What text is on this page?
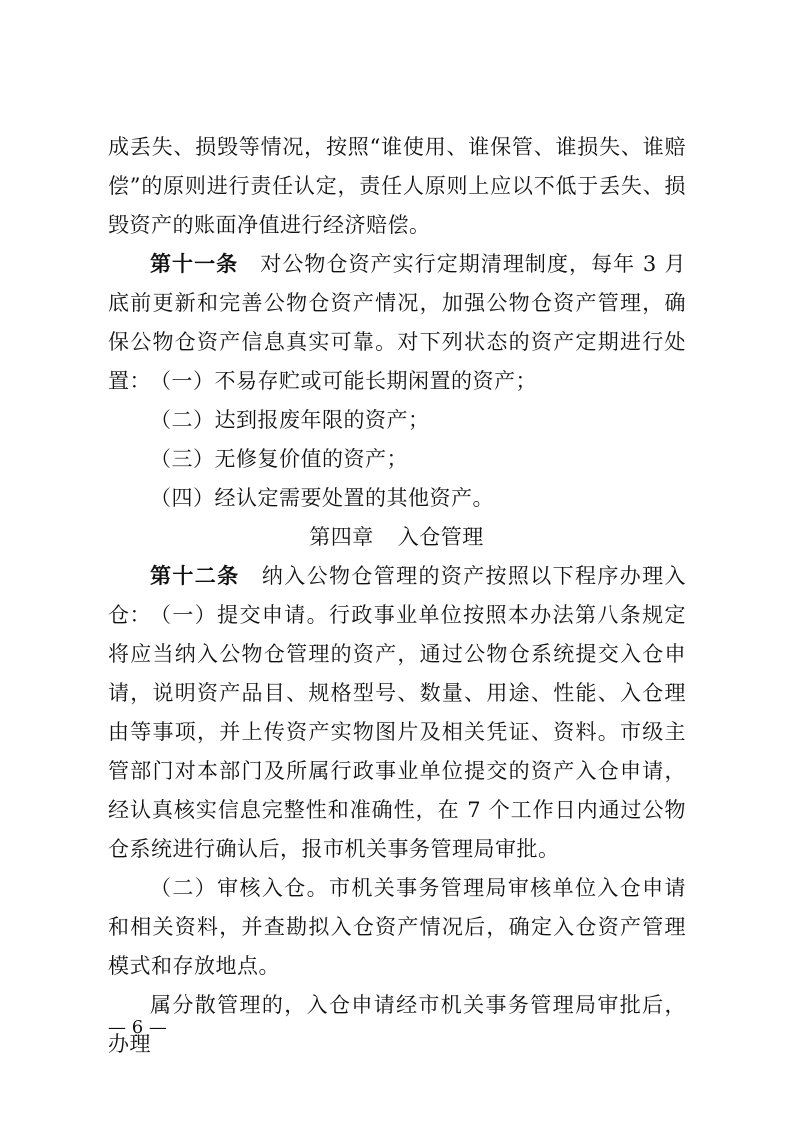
成丢失、损毁等情况，按照“谁使用、谁保管、谁损失、谁赔偿”的原则进行责任认定，责任人原则上应以不低于丢失、损毁资产的账面净值进行经济赔偿。

第十一条　 对公物仓资产实行定期清理制度，每年 3 月底前更新和完善公物仓资产情况，加强公物仓资产管理，确保公物仓资产信息真实可靠。对下列状态的资产定期进行处置： （一）不易存贮或可能长期闲置的资产；

（二）达到报废年限的资产；

（三）无修复价值的资产；

（四）经认定需要处置的其他资产。

第四章 入仓管理

第十二条　 纳入公物仓管理的资产按照以下程序办理入仓： （一）提交申请。行政事业单位按照本办法第八条规定将应当纳入公物仓管理的资产，通过公物仓系统提交入仓申请，说明资产品目、规格型号、数量、用途、性能、入仓理由等事项，并上传资产实物图片及相关凭证、资料。市级主管部门对本部门及所属行政事业单位提交的资产入仓申请，经认真核实信息完整性和准确性，在 7 个工作日内通过公物仓系统进行确认后，报市机关事务管理局审批。

（二）审核入仓。市机关事务管理局审核单位入仓申请和相关资料，并查勘拟入仓资产情况后，确定入仓资产管理模式和存放地点。

属分散管理的，入仓申请经市机关事务管理局审批后，办理

— 6 —
